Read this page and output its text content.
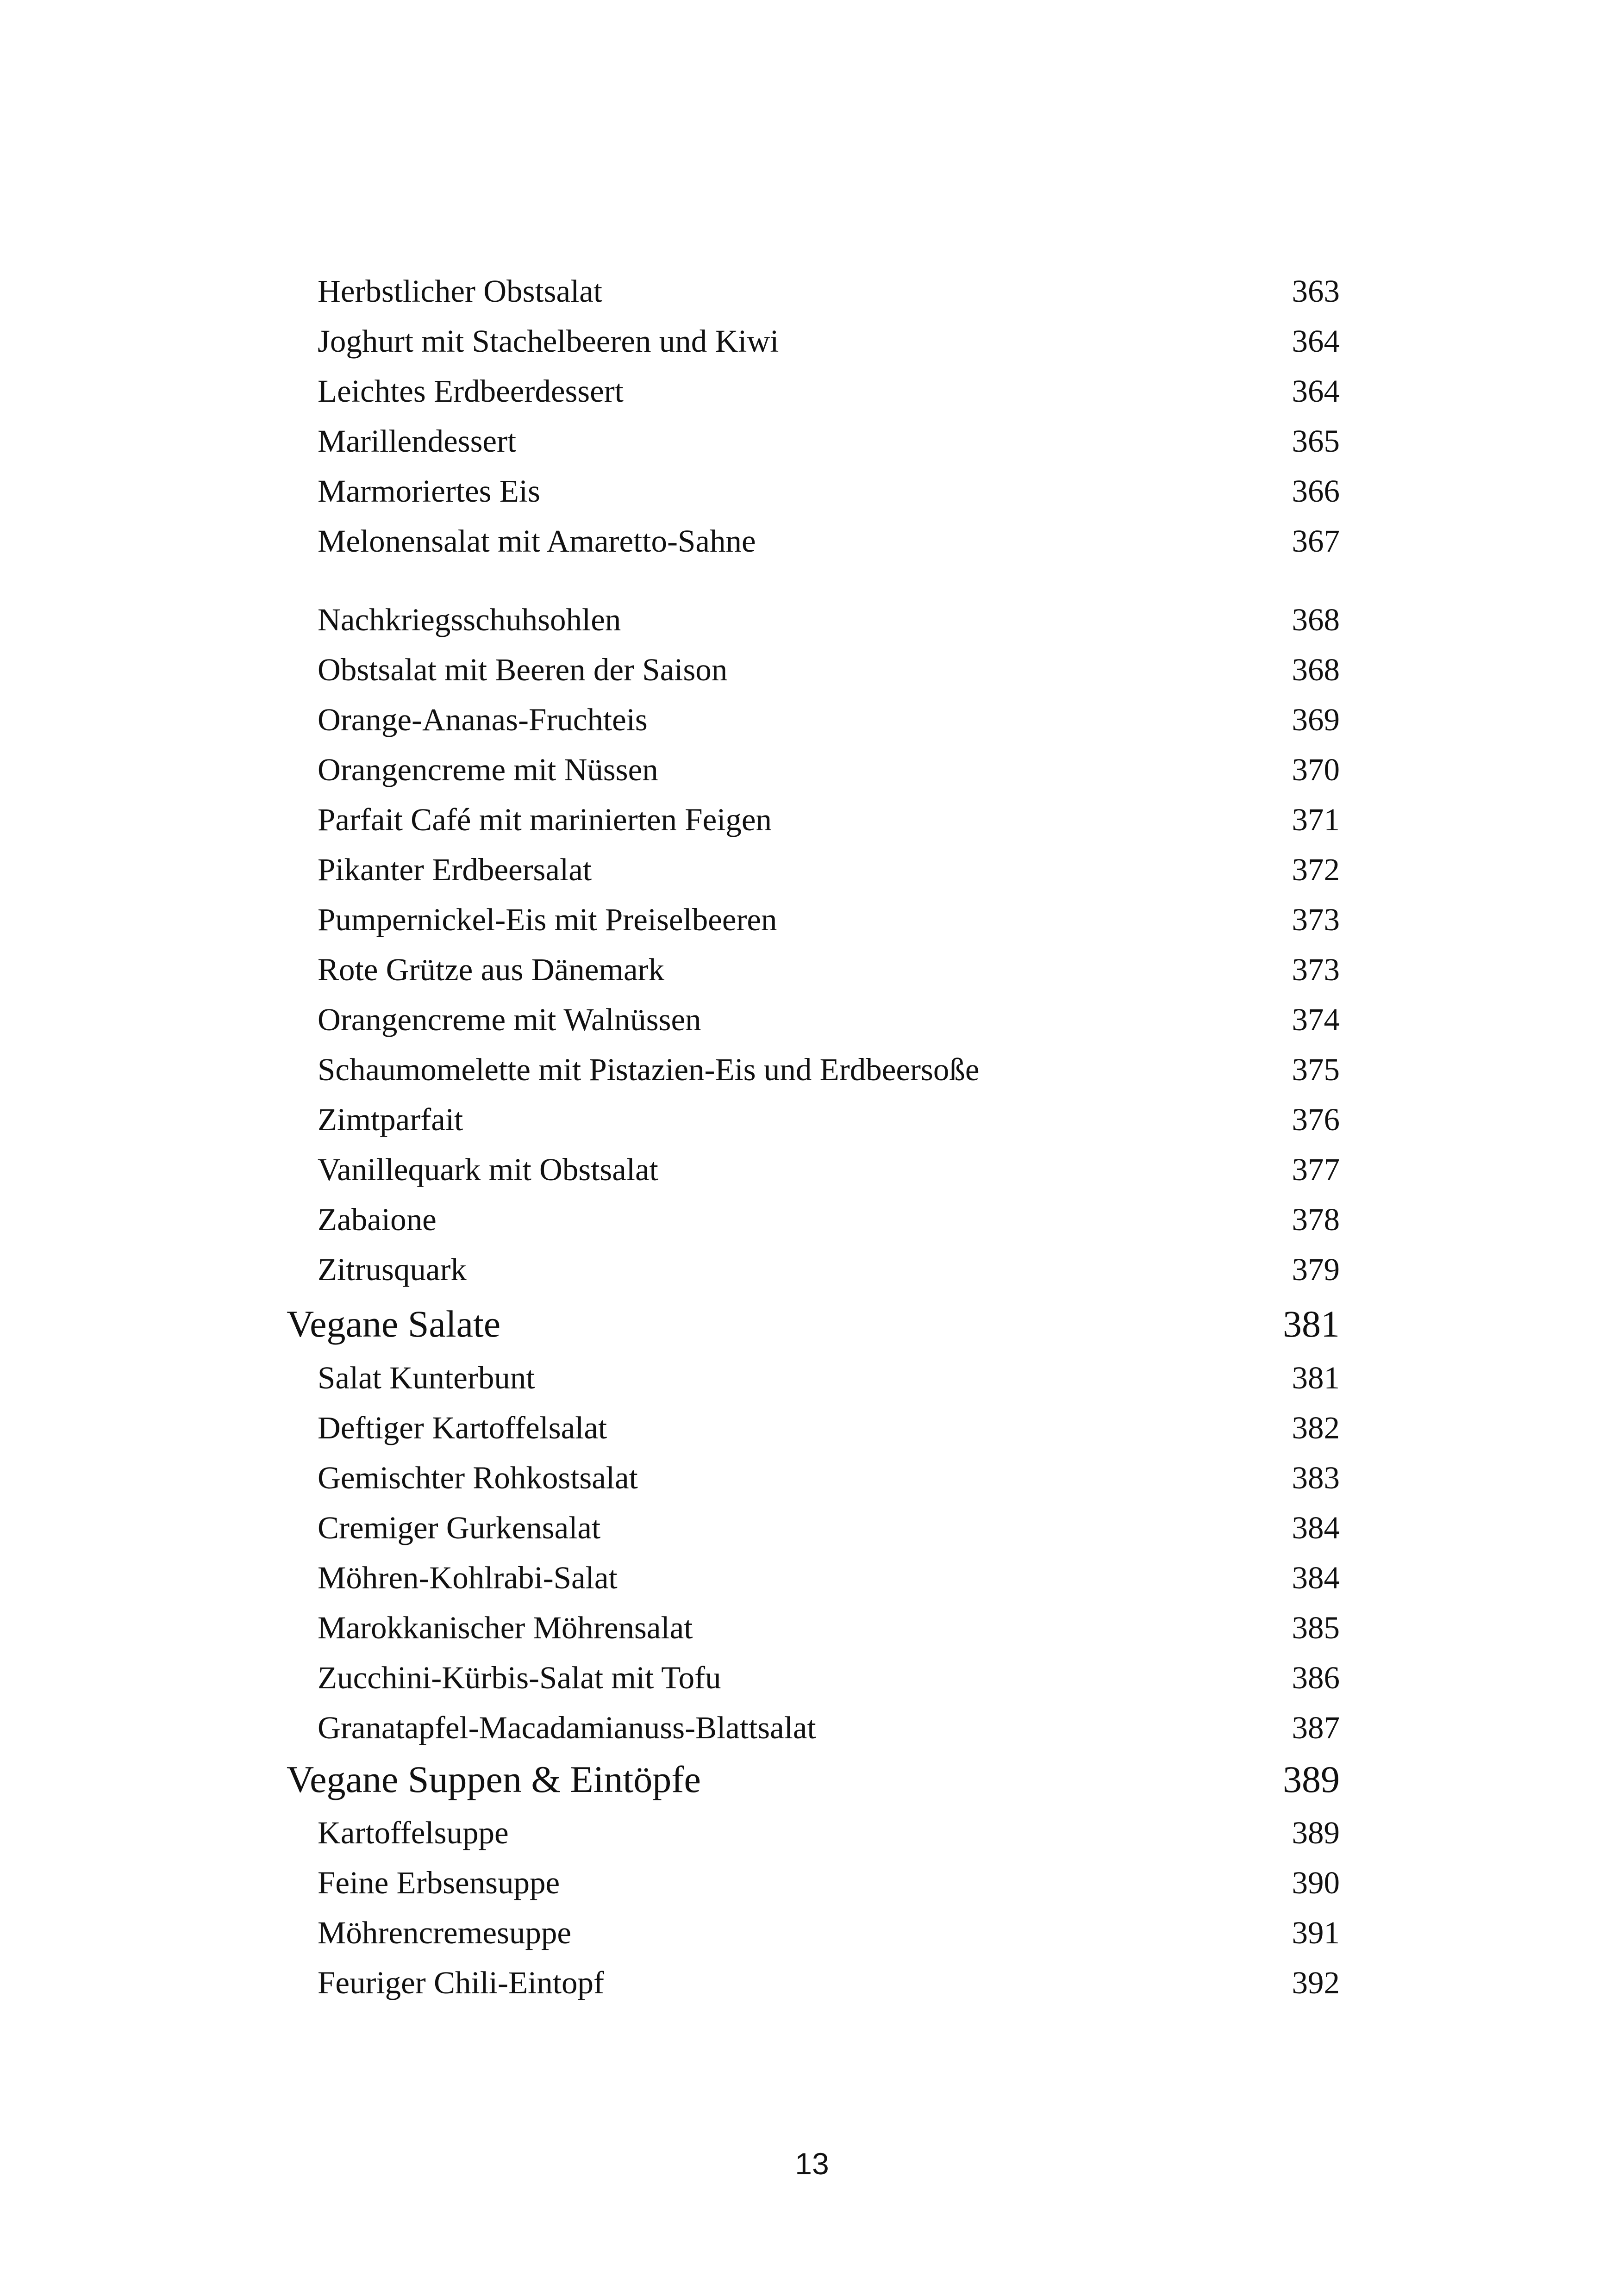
Herbstlicher Obstsalat	363
Joghurt mit Stachelbeeren und Kiwi	364
Leichtes Erdbeerdessert	364
Marillendessert	365
Marmoriertes Eis	366
Melonensalat mit Amaretto-Sahne	367
Nachkriegsschuhsohlen	368
Obstsalat mit Beeren der Saison	368
Orange-Ananas-Fruchteis	369
Orangencreme mit Nüssen	370
Parfait Café mit marinierten Feigen	371
Pikanter Erdbeersalat	372
Pumpernickel-Eis mit Preiselbeeren	373
Rote Grütze aus Dänemark	373
Orangencreme mit Walnüssen	374
Schaumomelette mit Pistazien-Eis und Erdbeersoße	375
Zimtparfait	376
Vanillequark mit Obstsalat	377
Zabaione	378
Zitrusquark	379
Vegane Salate	381
Salat Kunterbunt	381
Deftiger Kartoffelsalat	382
Gemischter Rohkostsalat	383
Cremiger Gurkensalat	384
Möhren-Kohlrabi-Salat	384
Marokkanischer Möhrensalat	385
Zucchini-Kürbis-Salat mit Tofu	386
Granatapfel-Macadamianuss-Blattsalat	387
Vegane Suppen & Eintöpfe	389
Kartoffelsuppe	389
Feine Erbsensuppe	390
Möhrencremesuppe	391
Feuriger Chili-Eintopf	392
13
